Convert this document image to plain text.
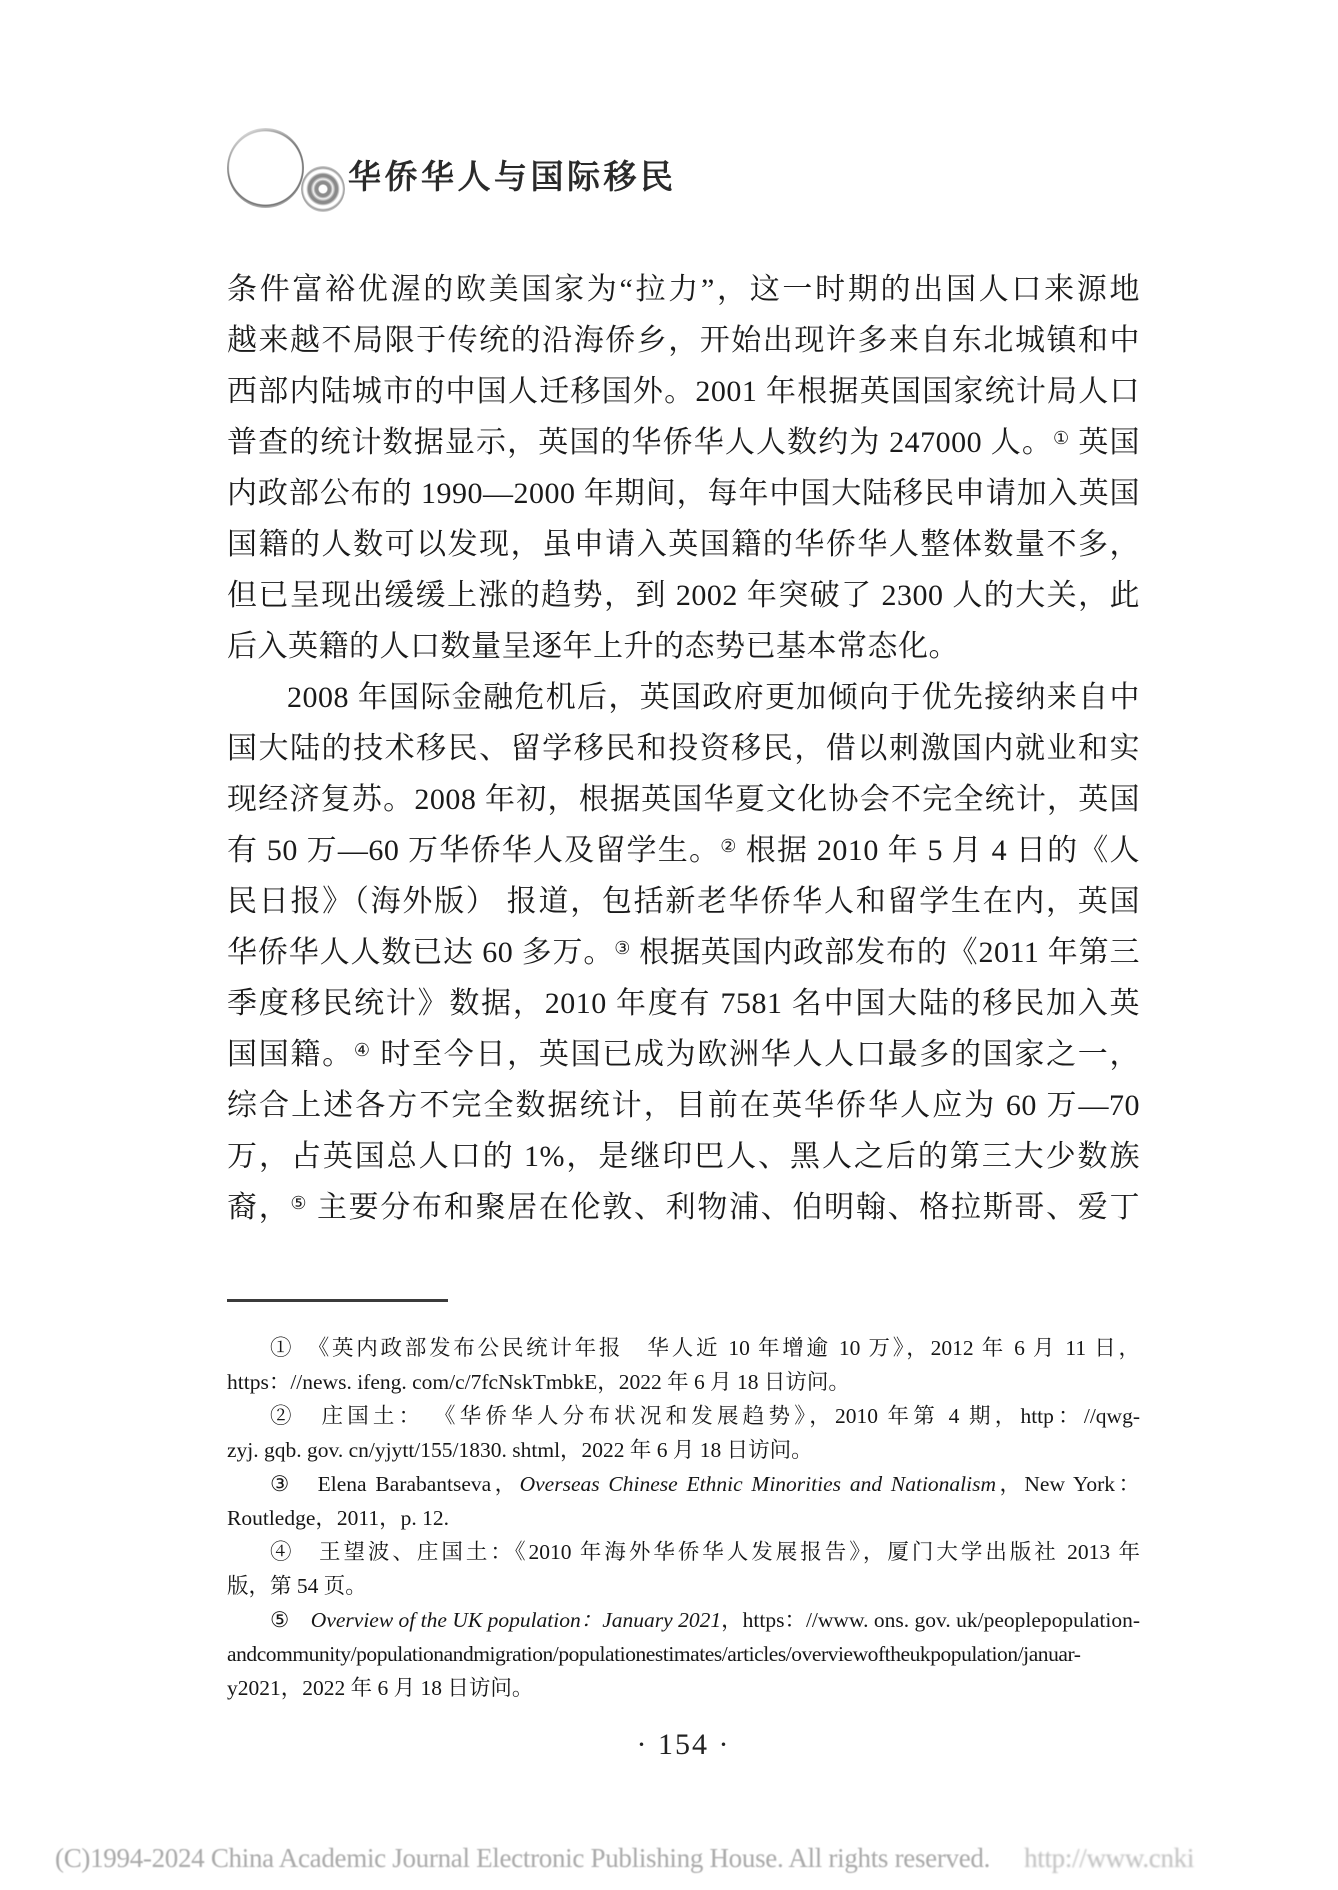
华侨华人与国际移民
条件富裕优渥的欧美国家为“拉力”，这一时期的出国人口来源地
越来越不局限于传统的沿海侨乡，开始出现许多来自东北城镇和中
西部内陆城市的中国人迁移国外。2001 年根据英国国家统计局人口
普查的统计数据显示，英国的华侨华人人数约为 247000 人。① 英国
内政部公布的 1990—2000 年期间，每年中国大陆移民申请加入英国
国籍的人数可以发现，虽申请入英国籍的华侨华人整体数量不多，
但已呈现出缓缓上涨的趋势，到 2002 年突破了 2300 人的大关，此
后入英籍的人口数量呈逐年上升的态势已基本常态化。
2008 年国际金融危机后，英国政府更加倾向于优先接纳来自中
国大陆的技术移民、留学移民和投资移民，借以刺激国内就业和实
现经济复苏。2008 年初，根据英国华夏文化协会不完全统计，英国
有 50 万—60 万华侨华人及留学生。② 根据 2010 年 5 月 4 日的《人
民日报》（海外版） 报道，包括新老华侨华人和留学生在内，英国
华侨华人人数已达 60 多万。③ 根据英国内政部发布的《2011 年第三
季度移民统计》数据，2010 年度有 7581 名中国大陆的移民加入英
国国籍。④ 时至今日，英国已成为欧洲华人人口最多的国家之一，
综合上述各方不完全数据统计，目前在英华侨华人应为 60 万—70
万，占英国总人口的 1%，是继印巴人、黑人之后的第三大少数族
裔，⑤ 主要分布和聚居在伦敦、利物浦、伯明翰、格拉斯哥、爱丁
①　《英内政部发布公民统计年报　华人近 10 年增逾 10 万》，2012 年 6 月 11 日，
https：//news. ifeng. com/c/7fcNskTmbkE，2022 年 6 月 18 日访问。
②　庄国土： 《华侨华人分布状况和发展趋势》，2010 年第 4 期，http：//qwg-
zyj. gqb. gov. cn/yjytt/155/1830. shtml，2022 年 6 月 18 日访问。
③　Elena Barabantseva，Overseas Chinese Ethnic Minorities and Nationalism，New York：
Routledge，2011，p. 12.
④　王望波、庄国土：《2010 年海外华侨华人发展报告》，厦门大学出版社 2013 年
版，第 54 页。
⑤　Overview of the UK population：January 2021，https：//www. ons. gov. uk/peoplepopulation-
andcommunity/populationandmigration/populationestimates/articles/overviewoftheukpopulation/januar-
y2021，2022 年 6 月 18 日访问。
· 154 ·
(C)1994-2024 China Academic Journal Electronic Publishing House. All rights reserved. http://www.cnki
